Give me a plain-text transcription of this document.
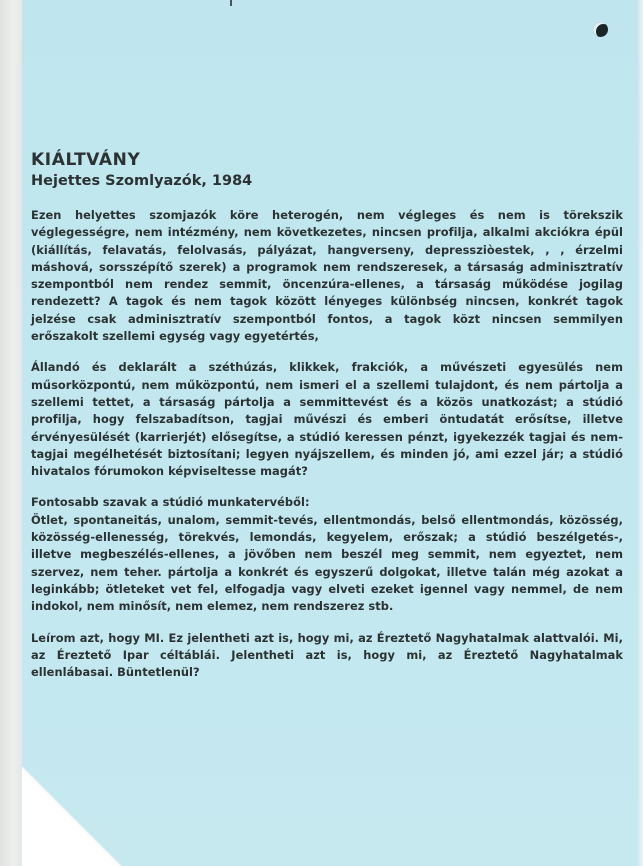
KIÁLTVÁNY

Hejettes Szomlyazók, 1984

Ezen helyettes szomjazók köre heterogén, nem végleges és nem is törekszik véglegességre, nem intézmény, nem következetes, nincsen profilja, alkalmi akciókra épül (kiállítás, felavatás, felolvasás, pályázat, hangverseny, depressziòestek, , , érzelmi máshová, sorsszépítő szerek) a programok nem rendszeresek, a társaság adminisztratív szempontból nem rendez semmit, öncenzúra-ellenes, a társaság működése jogilag rendezett? A tagok és nem tagok között lényeges különbség nincsen, konkrét tagok jelzése csak adminisztratív szempontból fontos, a tagok közt nincsen semmilyen erőszakolt szellemi egység vagy egyetértés,

Állandó és deklarált a széthúzás, klikkek, frakciók, a művészeti egyesülés nem műsorközpontú, nem műközpontú, nem ismeri el a szellemi tulajdont, és nem pártolja a szellemi tettet, a társaság pártolja a semmittevést és a közös unatkozást; a stúdió profilja, hogy felszabadítson, tagjai művészi és emberi öntudatát erősítse, illetve érvényesülését (karrierjét) elősegítse, a stúdió keressen pénzt, igyekezzék tagjai és nem-tagjai megélhetését biztosítani; legyen nyájszellem, és minden jó, ami ezzel jár; a stúdió hivatalos fórumokon képviseltesse magát?

Fontosabb szavak a stúdió munkatervéből:

Ötlet, spontaneitás, unalom, semmit-tevés, ellentmondás, belső ellentmondás, közösség, közösség-ellenesség, törekvés, lemondás, kegyelem, erőszak; a stúdió beszélgetés-, illetve megbeszélés-ellenes, a jövőben nem beszél meg semmit, nem egyeztet, nem szervez, nem teher. pártolja a konkrét és egyszerű dolgokat, illetve talán még azokat a leginkább; ötleteket vet fel, elfogadja vagy elveti ezeket igennel vagy nemmel, de nem indokol, nem minősít, nem elemez, nem rendszerez stb.

Leírom azt, hogy MI. Ez jelentheti azt is, hogy mi, az Éreztető Nagyhatalmak alattvalói. Mi, az Éreztető Ipar céltáblái. Jelentheti azt is, hogy mi, az Éreztető Nagyhatalmak ellenlábasai. Büntetlenül?
